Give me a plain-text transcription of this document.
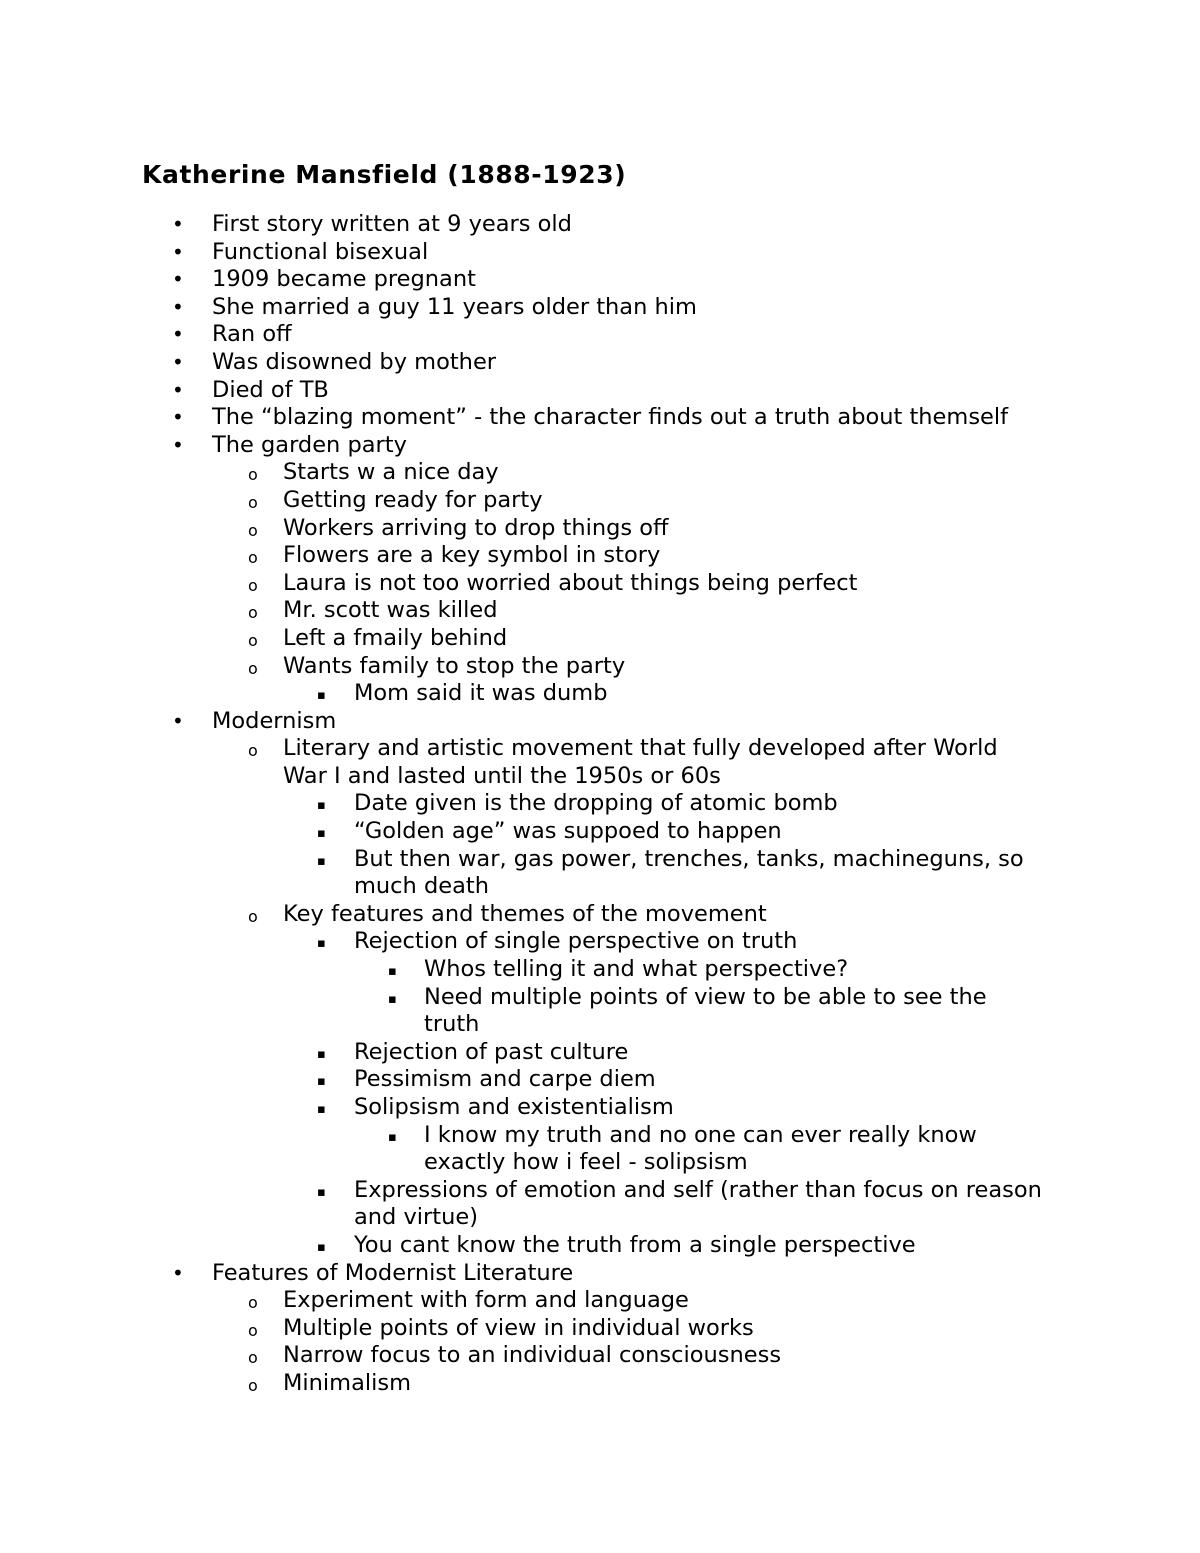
Katherine Mansfield (1888-1923)
•	First story written at 9 years old
•	Functional bisexual
•	1909 became pregnant
•	She married a guy 11 years older than him
•	Ran off
•	Was disowned by mother
•	Died of TB
•	The “blazing moment” - the character finds out a truth about themself
•	The garden party
o	Starts w a nice day
o	Getting ready for party
o	Workers arriving to drop things off
o	Flowers are a key symbol in story
o	Laura is not too worried about things being perfect
o	Mr. scott was killed
o	Left a fmaily behind
o	Wants family to stop the party
▪	Mom said it was dumb
•	Modernism
o	Literary and artistic movement that fully developed after World War I and lasted until the 1950s or 60s
▪	Date given is the dropping of atomic bomb
▪	“Golden age” was suppoed to happen
▪	But then war, gas power, trenches, tanks, machineguns, so much death
o	Key features and themes of the movement
▪	Rejection of single perspective on truth
▪	Whos telling it and what perspective?
▪	Need multiple points of view to be able to see the truth
▪	Rejection of past culture
▪	Pessimism and carpe diem
▪	Solipsism and existentialism
▪	I know my truth and no one can ever really know exactly how i feel - solipsism
▪	Expressions of emotion and self (rather than focus on reason and virtue)
▪	You cant know the truth from a single perspective
•	Features of Modernist Literature
o	Experiment with form and language
o	Multiple points of view in individual works
o	Narrow focus to an individual consciousness
o	Minimalism
